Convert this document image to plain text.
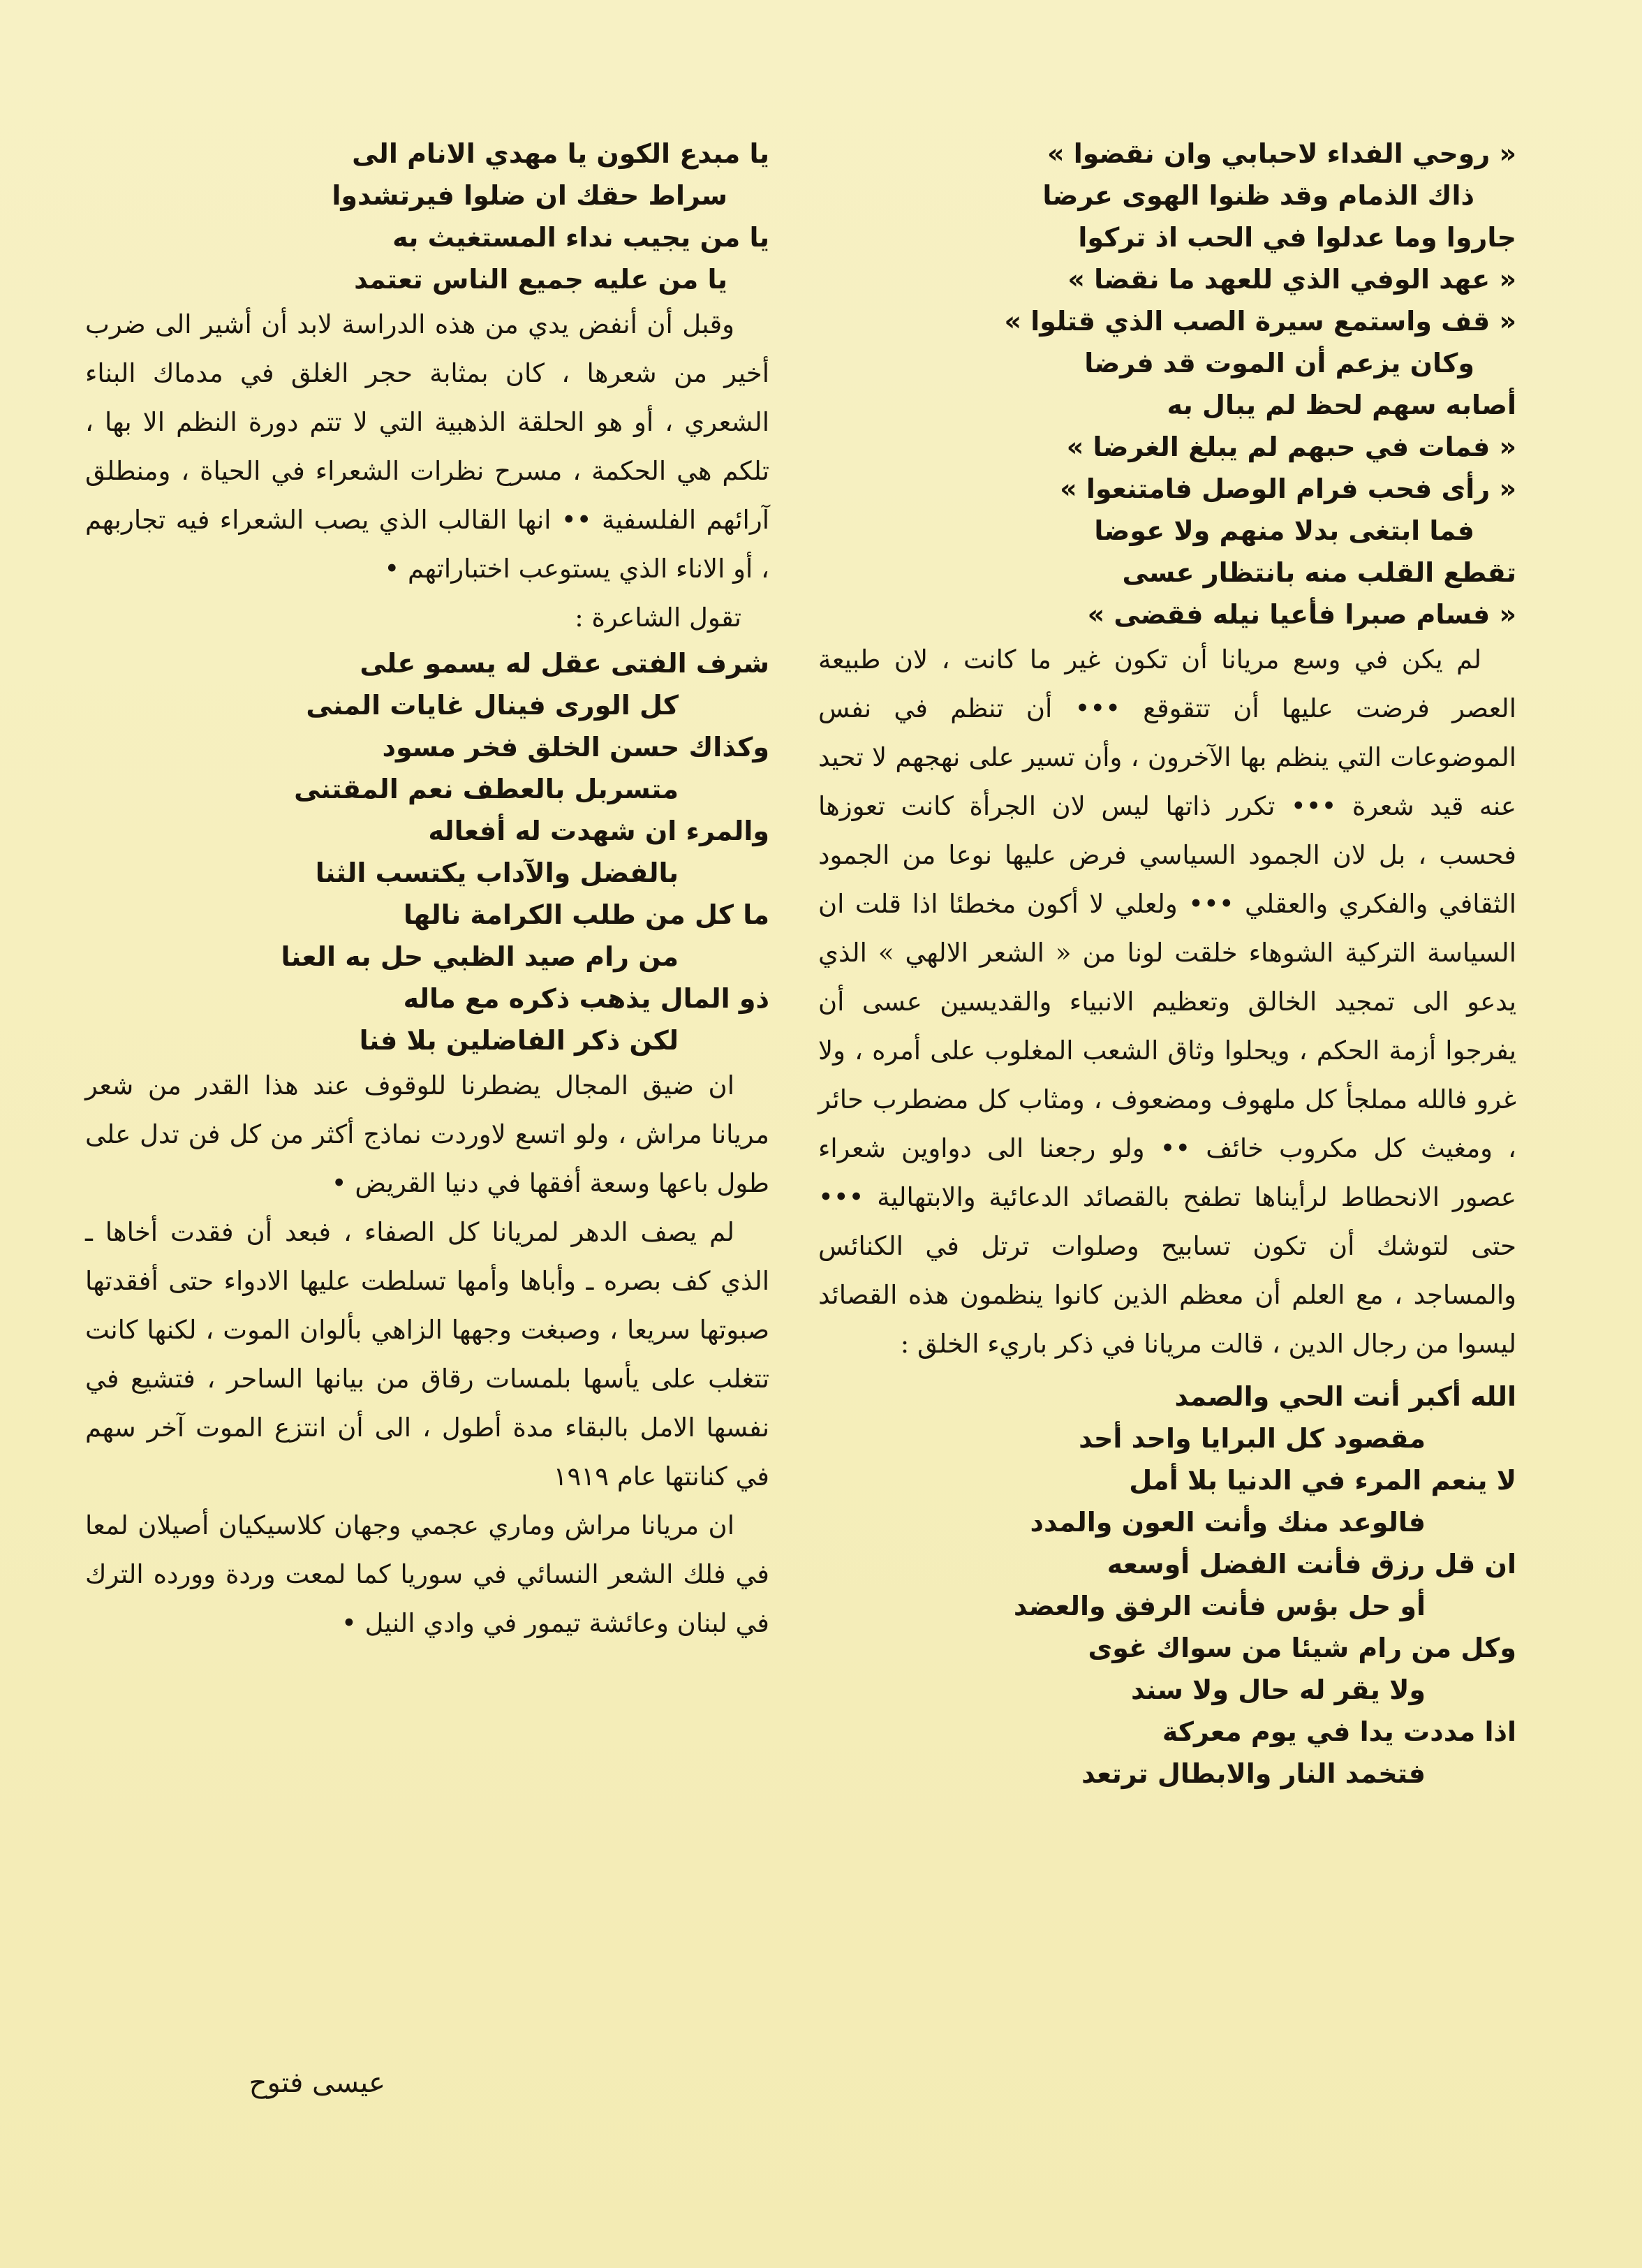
« روحي الفداء لاحبابي وان نقضوا »
ذاك الذمام وقد ظنوا الهوى عرضا
جاروا وما عدلوا في الحب اذ تركوا
« عهد الوفي الذي للعهد ما نقضا »
« قف واستمع سيرة الصب الذي قتلوا »
وكان يزعم أن الموت قد فرضا
أصابه سهم لحظ لم يبال به
« فمات في حبهم لم يبلغ الغرضا »
« رأى فحب فرام الوصل فامتنعوا »
فما ابتغى بدلا منهم ولا عوضا
تقطع القلب منه بانتظار عسى
« فسام صبرا فأعيا نيله فقضى »

لم يكن في وسع مريانا أن تكون غير ما كانت ، لان طبيعة العصر فرضت عليها أن تتقوقع ••• أن تنظم في نفس الموضوعات التي ينظم بها الآخرون ، وأن تسير على نهجهم لا تحيد عنه قيد شعرة ••• تكرر ذاتها ليس لان الجرأة كانت تعوزها فحسب ، بل لان الجمود السياسي فرض عليها نوعا من الجمود الثقافي والفكري والعقلي ••• ولعلي لا أكون مخطئا اذا قلت ان السياسة التركية الشوهاء خلقت لونا من « الشعر الالهي » الذي يدعو الى تمجيد الخالق وتعظيم الانبياء والقديسين عسى أن يفرجوا أزمة الحكم ، ويحلوا وثاق الشعب المغلوب على أمره ، ولا غرو فالله مملجأ كل ملهوف ومضعوف ، ومثاب كل مضطرب حائر ، ومغيث كل مكروب خائف •• ولو رجعنا الى دواوين شعراء عصور الانحطاط لرأيناها تطفح بالقصائد الدعائية والابتهالية ••• حتى لتوشك أن تكون تسابيح وصلوات ترتل في الكنائس والمساجد ، مع العلم أن معظم الذين كانوا ينظمون هذه القصائد ليسوا من رجال الدين ، قالت مريانا في ذكر باريء الخلق :

الله أكبر أنت الحي والصمد
مقصود كل البرايا واحد أحد
لا ينعم المرء في الدنيا بلا أمل
فالوعد منك وأنت العون والمدد
ان قل رزق فأنت الفضل أوسعه
أو حل بؤس فأنت الرفق والعضد
وكل من رام شيئا من سواك غوى
ولا يقر له حال ولا سند
اذا مددت يدا في يوم معركة
فتخمد النار والابطال ترتعد
يا مبدع الكون يا مهدي الانام الى
سراط حقك ان ضلوا فيرتشدوا
يا من يجيب نداء المستغيث به
يا من عليه جميع الناس تعتمد

وقبل أن أنفض يدي من هذه الدراسة لابد أن أشير الى ضرب أخير من شعرها ، كان بمثابة حجر الغلق في مدماك البناء الشعري ، أو هو الحلقة الذهبية التي لا تتم دورة النظم الا بها ، تلكم هي الحكمة ، مسرح نظرات الشعراء في الحياة ، ومنطلق آرائهم الفلسفية •• انها القالب الذي يصب الشعراء فيه تجاربهم ، أو الاناء الذي يستوعب اختباراتهم •

تقول الشاعرة :
شرف الفتى عقل له يسمو على
كل الورى فينال غايات المنى
وكذاك حسن الخلق فخر مسود
متسربل بالعطف نعم المقتنى
والمرء ان شهدت له أفعاله
بالفضل والآداب يكتسب الثنا
ما كل من طلب الكرامة نالها
من رام صيد الظبي حل به العنا
ذو المال يذهب ذكره مع ماله
لكن ذكر الفاضلين بلا فنا

ان ضيق المجال يضطرنا للوقوف عند هذا القدر من شعر مريانا مراش ، ولو اتسع لاوردت نماذج أكثر من كل فن تدل على طول باعها وسعة أفقها في دنيا القريض •

لم يصف الدهر لمريانا كل الصفاء ، فبعد أن فقدت أخاها ـ الذي كف بصره ـ وأباها وأمها تسلطت عليها الادواء حتى أفقدتها صبوتها سريعا ، وصبغت وجهها الزاهي بألوان الموت ، لكنها كانت تتغلب على يأسها بلمسات رقاق من بيانها الساحر ، فتشيع في نفسها الامل بالبقاء مدة أطول ، الى أن انتزع الموت آخر سهم في كنانتها عام ١٩١٩

ان مريانا مراش وماري عجمي وجهان كلاسيكيان أصيلان لمعا في فلك الشعر النسائي في سوريا كما لمعت وردة وورده الترك في لبنان وعائشة تيمور في وادي النيل •

عيسى فتوح
